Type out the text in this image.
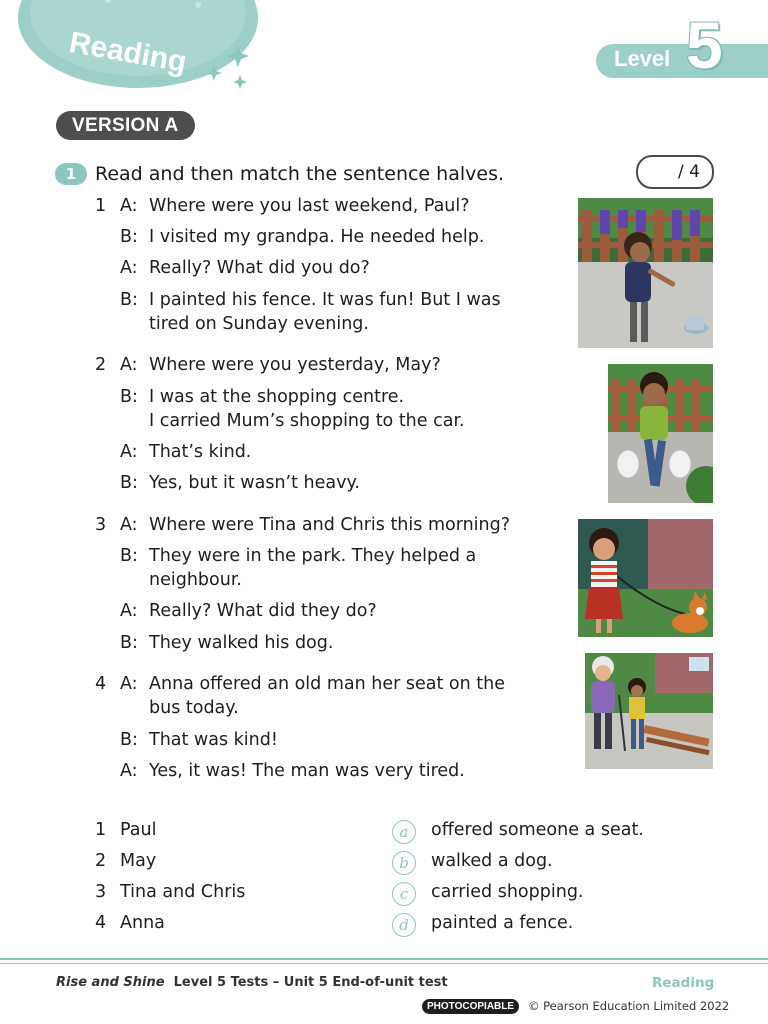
Reading	Level 5
VERSION A
1 Read and then match the sentence halves.	/ 4
1 A: Where were you last weekend, Paul?
B: I visited my grandpa. He needed help.
A: Really? What did you do?
B: I painted his fence. It was fun! But I was
tired on Sunday evening.
2 A: Where were you yesterday, May?
B: I was at the shopping centre.
I carried Mum’s shopping to the car.
A: That’s kind.
B: Yes, but it wasn’t heavy.
3 A: Where were Tina and Chris this morning?
B: They were in the park. They helped a
neighbour.
A: Really? What did they do?
B: They walked his dog.
4 A: Anna offered an old man her seat on the
bus today.
B: That was kind!
A: Yes, it was! The man was very tired.
1 Paul
2 May
3 Tina and Chris
4 Anna
a	offered someone a seat.
b	walked a dog.
c	carried shopping.
d	painted a fence.
Rise and Shine Level 5 Tests – Unit 5 End-of-unit test	Reading
PHOTOCOPIABLE	© Pearson Education Limited 2022
